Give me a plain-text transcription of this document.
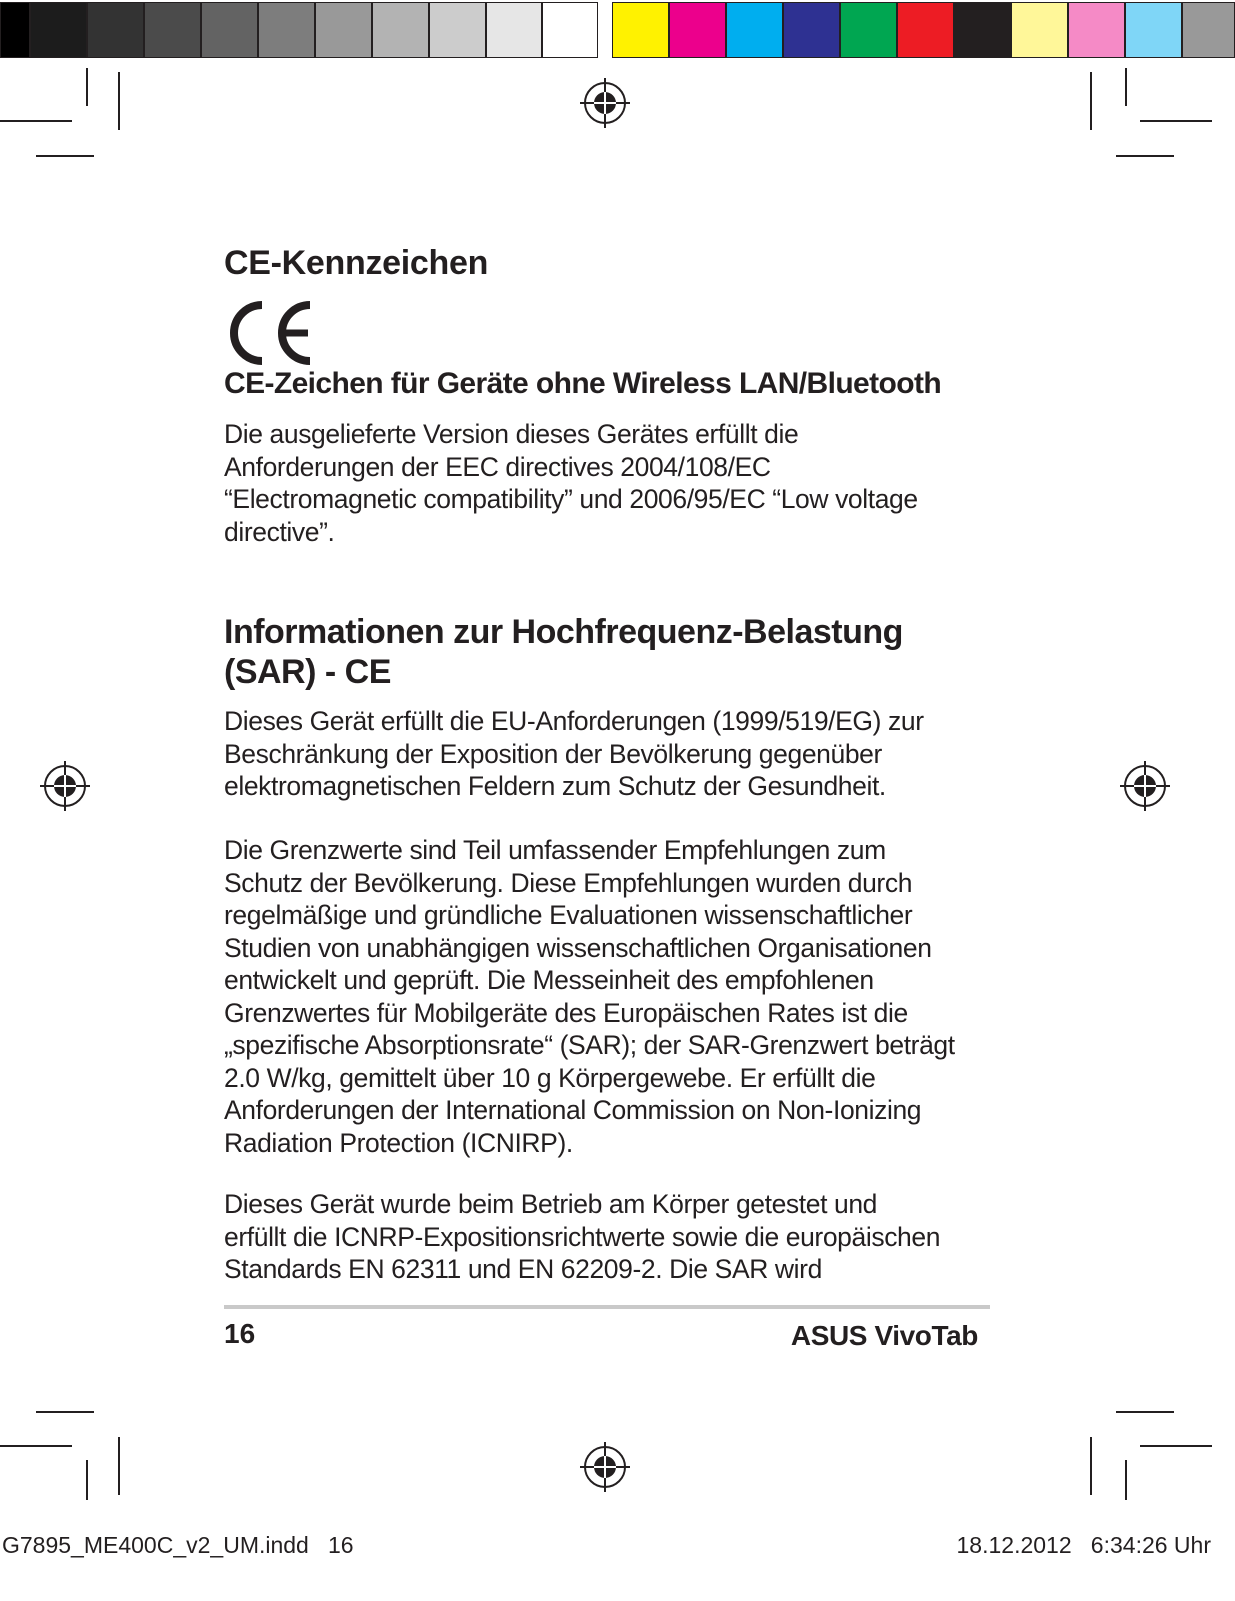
CE-Kennzeichen
CE-Zeichen für Geräte ohne Wireless LAN/Bluetooth
Die ausgelieferte Version dieses Gerätes erfüllt die
Anforderungen der EEC directives 2004/108/EC
“Electromagnetic compatibility” und 2006/95/EC “Low voltage
directive”.
Informationen zur Hochfrequenz-Belastung
(SAR) - CE
Dieses Gerät erfüllt die EU-Anforderungen (1999/519/EG) zur
Beschränkung der Exposition der Bevölkerung gegenüber
elektromagnetischen Feldern zum Schutz der Gesundheit.
Die Grenzwerte sind Teil umfassender Empfehlungen zum
Schutz der Bevölkerung. Diese Empfehlungen wurden durch
regelmäßige und gründliche Evaluationen wissenschaftlicher
Studien von unabhängigen wissenschaftlichen Organisationen
entwickelt und geprüft. Die Messeinheit des empfohlenen
Grenzwertes für Mobilgeräte des Europäischen Rates ist die
„spezifische Absorptionsrate“ (SAR); der SAR-Grenzwert beträgt
2.0 W/kg, gemittelt über 10 g Körpergewebe. Er erfüllt die
Anforderungen der International Commission on Non-Ionizing
Radiation Protection (ICNIRP).
Dieses Gerät wurde beim Betrieb am Körper getestet und
erfüllt die ICNRP-Expositionsrichtwerte sowie die europäischen
Standards EN 62311 und EN 62209-2. Die SAR wird
16	ASUS VivoTab
G7895_ME400C_v2_UM.indd   16	18.12.2012   6:34:26 Uhr
